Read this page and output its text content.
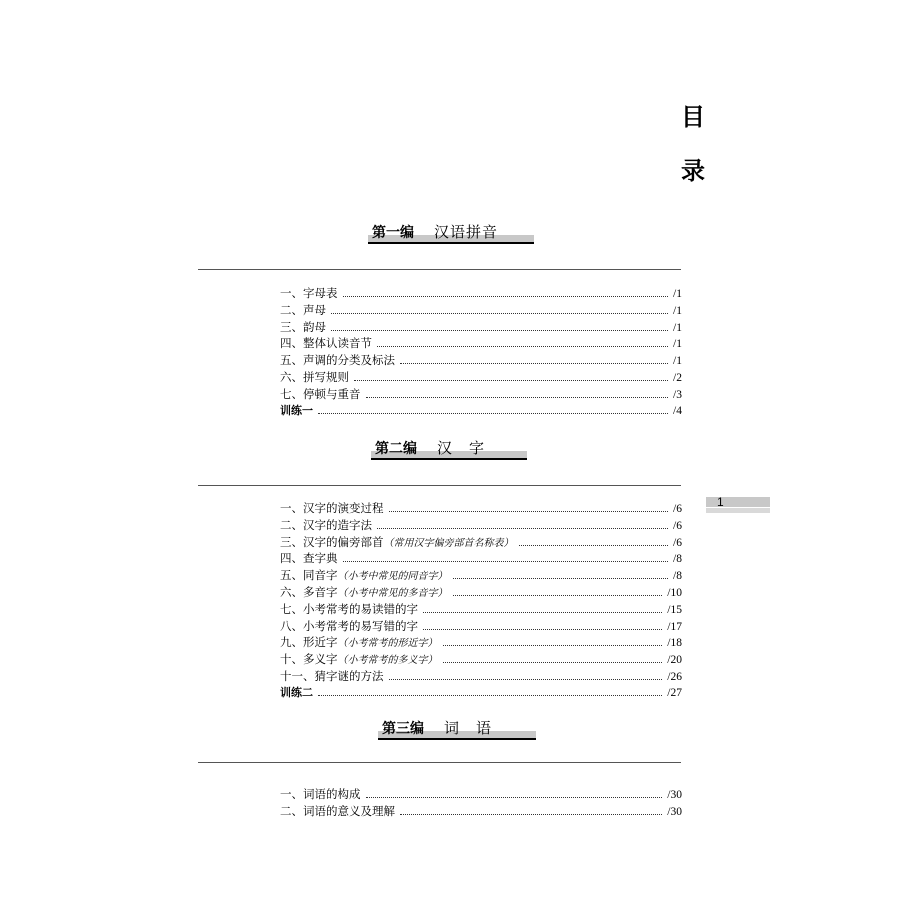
目
录
第一编 汉语拼音
一、字母表	/1
二、声母	/1
三、韵母	/1
四、整体认读音节	/1
五、声调的分类及标法	/1
六、拼写规则	/2
七、停顿与重音	/3
训练一	/4
第二编 汉　字
一、汉字的演变过程	/6
二、汉字的造字法	/6
三、汉字的偏旁部首（常用汉字偏旁部首名称表）	/6
四、查字典	/8
五、同音字（小考中常见的同音字）	/8
六、多音字（小考中常见的多音字）	/10
七、小考常考的易读错的字	/15
八、小考常考的易写错的字	/17
九、形近字（小考常考的形近字）	/18
十、多义字（小考常考的多义字）	/20
十一、猜字谜的方法	/26
训练二	/27
第三编 词　语
一、词语的构成	/30
二、词语的意义及理解	/30
1
